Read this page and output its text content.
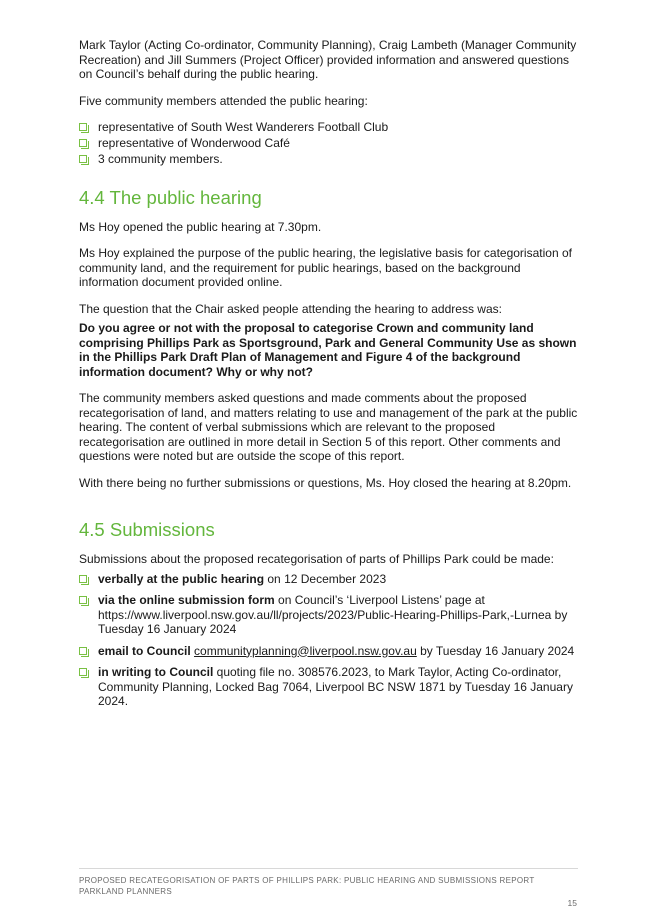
Mark Taylor (Acting Co-ordinator, Community Planning), Craig Lambeth (Manager Community Recreation) and Jill Summers (Project Officer) provided information and answered questions on Council’s behalf during the public hearing.

Five community members attended the public hearing:

representative of South West Wanderers Football Club
representative of Wonderwood Café
3 community members.
4.4 The public hearing

Ms Hoy opened the public hearing at 7.30pm.

Ms Hoy explained the purpose of the public hearing, the legislative basis for categorisation of community land, and the requirement for public hearings, based on the background information document provided online.

The question that the Chair asked people attending the hearing to address was:

Do you agree or not with the proposal to categorise Crown and community land comprising Phillips Park as Sportsground, Park and General Community Use as shown in the Phillips Park Draft Plan of Management and Figure 4 of the background information document? Why or why not?

The community members asked questions and made comments about the proposed recategorisation of land, and matters relating to use and management of the park at the public hearing. The content of verbal submissions which are relevant to the proposed recategorisation are outlined in more detail in Section 5 of this report. Other comments and questions were noted but are outside the scope of this report.

With there being no further submissions or questions, Ms. Hoy closed the hearing at 8.20pm.

4.5 Submissions

Submissions about the proposed recategorisation of parts of Phillips Park could be made:

verbally at the public hearing on 12 December 2023
via the online submission form on Council’s ‘Liverpool Listens’ page at https://www.liverpool.nsw.gov.au/ll/projects/2023/Public-Hearing-Phillips-Park,-Lurnea by Tuesday 16 January 2024
email to Council communityplanning@liverpool.nsw.gov.au by Tuesday 16 January 2024
in writing to Council quoting file no. 308576.2023, to Mark Taylor, Acting Co-ordinator, Community Planning, Locked Bag 7064, Liverpool BC NSW 1871 by Tuesday 16 January 2024.
PROPOSED RECATEGORISATION OF PARTS OF PHILLIPS PARK: PUBLIC HEARING AND SUBMISSIONS REPORT
PARKLAND PLANNERS
15
